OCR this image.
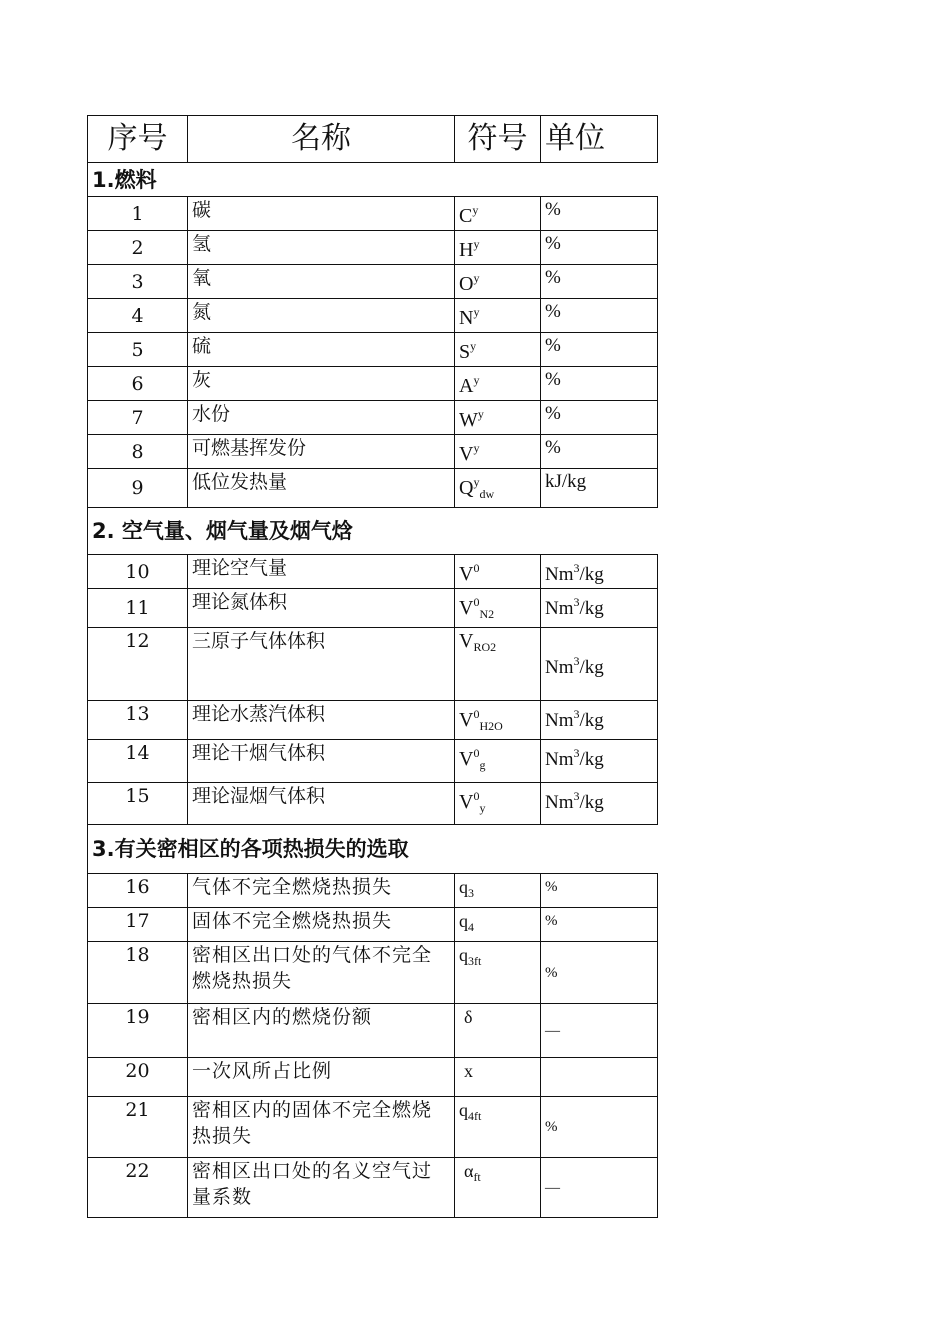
序号	名称	符号	单位
1.燃料			
1	碳	$C^y$	%
2	氢	$H^y$	%
3	氧	$O^y$	%
4	氮	$N^y$	%
5	硫	$S^y$	%
6	灰	$A^y$	%
7	水份	$W^y$	%
8	可燃基挥发份	$V^y$	%
9	低位发热量	$Q^y_{dw}$	kJ/kg
2. 空气量、烟气量及烟气焓			
10	理论空气量	$V^0$	Nm$^3$/kg
11	理论氮体积	$V^0_{N2}$	Nm$^3$/kg
12	三原子气体体积	$V_{RO2}$	Nm$^3$/kg
13	理论水蒸汽体积	$V^0_{H2O}$	Nm$^3$/kg
14	理论干烟气体积	$V^0_g$	Nm$^3$/kg
15	理论湿烟气体积	$V^0_y$	Nm$^3$/kg
3.有关密相区的各项热损失的选取			
16	气体不完全燃烧热损失	$q_3$	%
17	固体不完全燃烧热损失	$q_4$	%
18	密相区出口处的气体不完全燃烧热损失	$q_{3ft}$	%
19	密相区内的燃烧份额	δ	—
20	一次风所占比例	x	
21	密相区内的固体不完全燃烧热损失	$q_{4ft}$	%
22	密相区出口处的名义空气过量系数	$\alpha_{ft}$	—
